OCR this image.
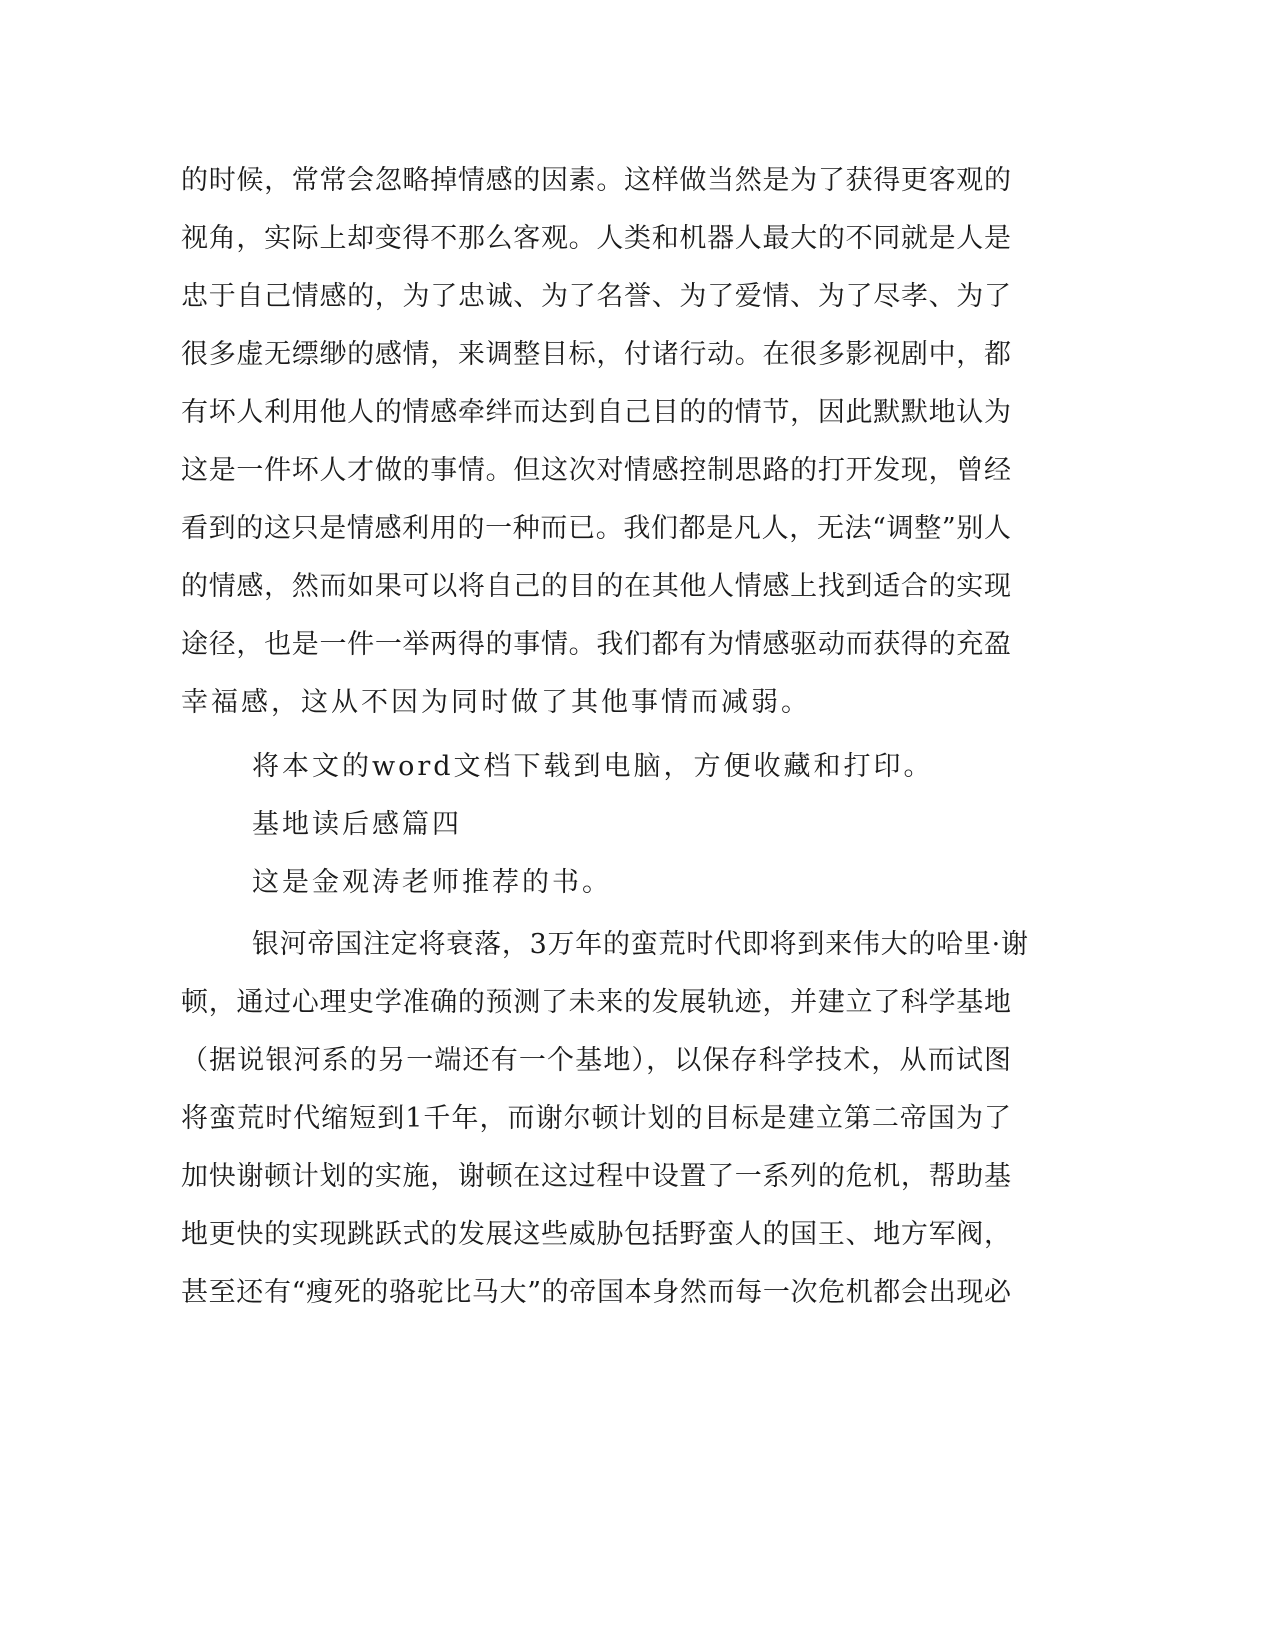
的时候，常常会忽略掉情感的因素。这样做当然是为了获得更客观的
视角，实际上却变得不那么客观。人类和机器人最大的不同就是人是
忠于自己情感的，为了忠诚、为了名誉、为了爱情、为了尽孝、为了
很多虚无缥缈的感情，来调整目标，付诸行动。在很多影视剧中，都
有坏人利用他人的情感牵绊而达到自己目的的情节，因此默默地认为
这是一件坏人才做的事情。但这次对情感控制思路的打开发现，曾经
看到的这只是情感利用的一种而已。我们都是凡人，无法“调整”别人
的情感，然而如果可以将自己的目的在其他人情感上找到适合的实现
途径，也是一件一举两得的事情。我们都有为情感驱动而获得的充盈
幸福感，这从不因为同时做了其他事情而减弱。
将本文的word文档下载到电脑，方便收藏和打印。
基地读后感篇四
这是金观涛老师推荐的书。
银河帝国注定将衰落，3万年的蛮荒时代即将到来伟大的哈里·谢
顿，通过心理史学准确的预测了未来的发展轨迹，并建立了科学基地
（据说银河系的另一端还有一个基地），以保存科学技术，从而试图
将蛮荒时代缩短到1千年，而谢尔顿计划的目标是建立第二帝国为了
加快谢顿计划的实施，谢顿在这过程中设置了一系列的危机，帮助基
地更快的实现跳跃式的发展这些威胁包括野蛮人的国王、地方军阀，
甚至还有“瘦死的骆驼比马大”的帝国本身然而每一次危机都会出现必
